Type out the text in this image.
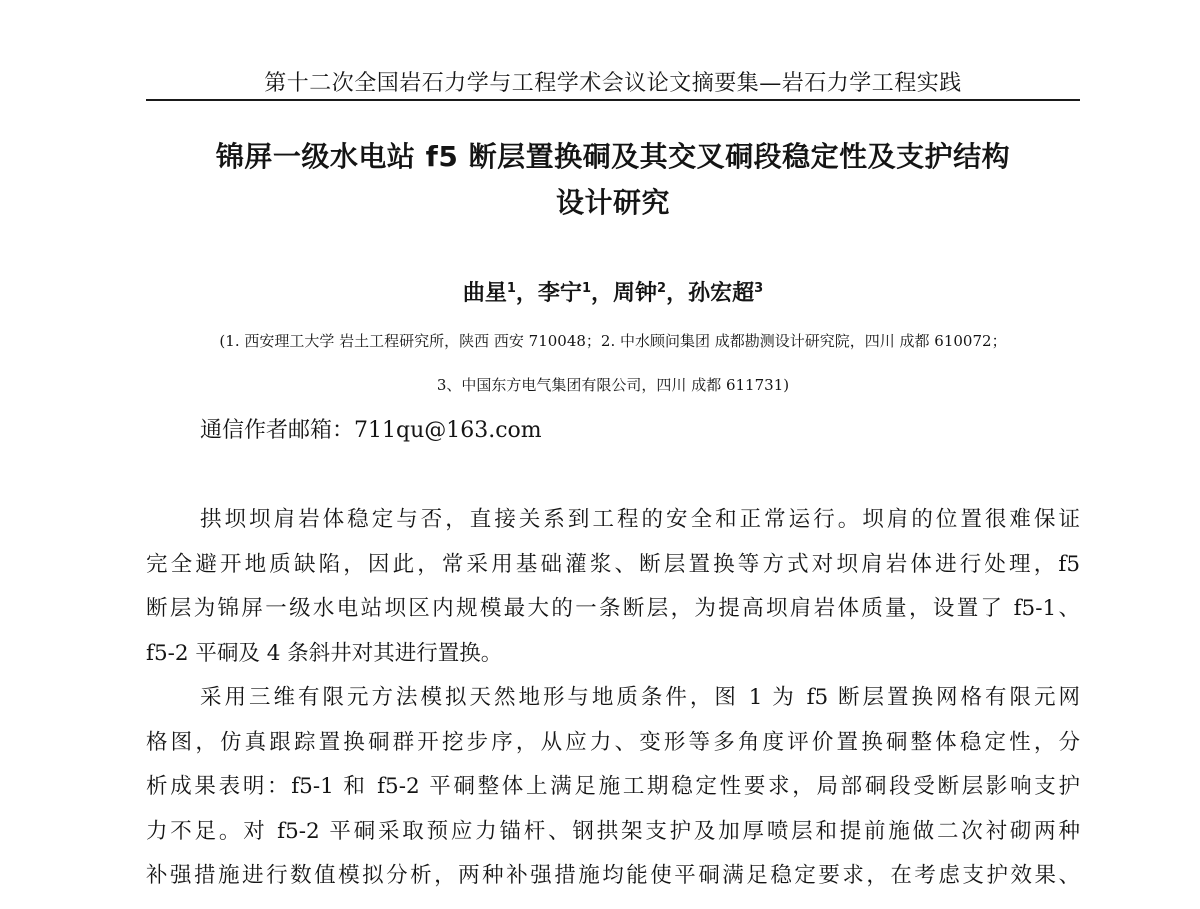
第十二次全国岩石力学与工程学术会议论文摘要集—岩石力学工程实践
锦屏一级水电站 f5 断层置换硐及其交叉硐段稳定性及支护结构
设计研究
曲星$^1$，李宁$^1$，周钟$^2$，孙宏超$^3$
(1. 西安理工大学 岩土工程研究所，陕西 西安 710048；2. 中水顾问集团 成都勘测设计研究院，四川 成都 610072；
3、中国东方电气集团有限公司，四川 成都 611731)
通信作者邮箱：711qu@163.com
拱坝坝肩岩体稳定与否，直接关系到工程的安全和正常运行。坝肩的位置很难保证
完全避开地质缺陷，因此，常采用基础灌浆、断层置换等方式对坝肩岩体进行处理，f5
断层为锦屏一级水电站坝区内规模最大的一条断层，为提高坝肩岩体质量，设置了 f5-1、
f5-2 平硐及 4 条斜井对其进行置换。
采用三维有限元方法模拟天然地形与地质条件，图 1 为 f5 断层置换网格有限元网
格图，仿真跟踪置换硐群开挖步序，从应力、变形等多角度评价置换硐整体稳定性，分
析成果表明：f5-1 和 f5-2 平硐整体上满足施工期稳定性要求，局部硐段受断层影响支护
力不足。对 f5-2 平硐采取预应力锚杆、钢拱架支护及加厚喷层和提前施做二次衬砌两种
补强措施进行数值模拟分析，两种补强措施均能使平硐满足稳定要求，在考虑支护效果、
